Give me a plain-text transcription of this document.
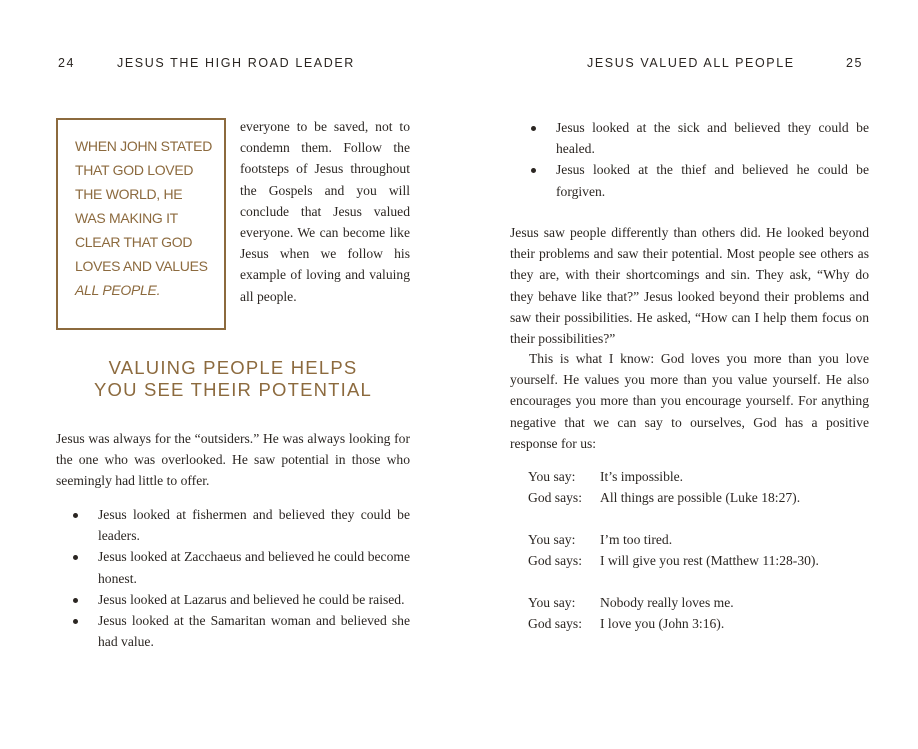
24	JESUS THE HIGH ROAD LEADER
WHEN JOHN STATED THAT GOD LOVED THE WORLD, HE WAS MAKING IT CLEAR THAT GOD LOVES AND VALUES ALL PEOPLE.
everyone to be saved, not to condemn them. Follow the footsteps of Jesus throughout the Gospels and you will conclude that Jesus valued everyone. We can become like Jesus when we follow his example of loving and valuing all people.
VALUING PEOPLE HELPS
YOU SEE THEIR POTENTIAL
Jesus was always for the “outsiders.” He was always looking for the one who was overlooked. He saw potential in those who seemingly had little to offer.
Jesus looked at fishermen and believed they could be leaders.
Jesus looked at Zacchaeus and believed he could become honest.
Jesus looked at Lazarus and believed he could be raised.
Jesus looked at the Samaritan woman and believed she had value.
JESUS VALUED ALL PEOPLE	25
Jesus looked at the sick and believed they could be healed.
Jesus looked at the thief and believed he could be forgiven.
Jesus saw people differently than others did. He looked beyond their problems and saw their potential. Most people see others as they are, with their shortcomings and sin. They ask, “Why do they behave like that?” Jesus looked beyond their problems and saw their possibilities. He asked, “How can I help them focus on their possibilities?”
This is what I know: God loves you more than you love yourself. He values you more than you value yourself. He also encourages you more than you encourage yourself. For anything negative that we can say to ourselves, God has a positive response for us:
You say: It’s impossible.
God says: All things are possible (Luke 18:27).
You say: I’m too tired.
God says: I will give you rest (Matthew 11:28-30).
You say: Nobody really loves me.
God says: I love you (John 3:16).
